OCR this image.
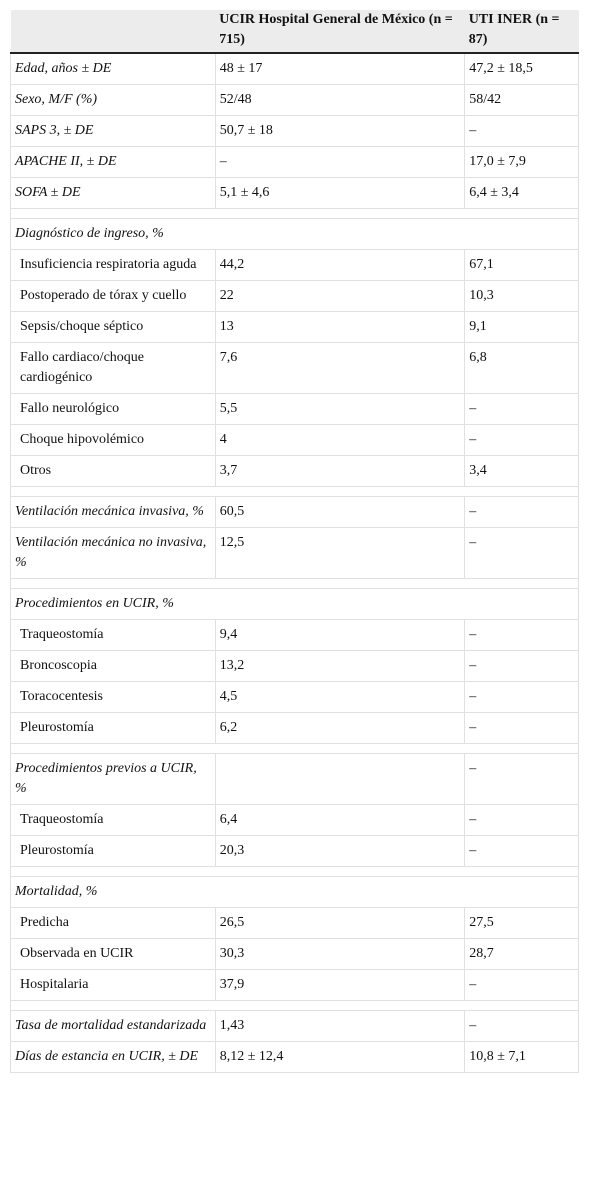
	UCIR Hospital General de México (n = 715)	UTI INER (n = 87)
Edad, años ± DE	48 ± 17	47,2 ± 18,5
Sexo, M/F (%)	52/48	58/42
SAPS 3, ± DE	50,7 ± 18	–
APACHE II, ± DE	–	17,0 ± 7,9
SOFA ± DE	5,1 ± 4,6	6,4 ± 3,4

Diagnóstico de ingreso, %		
Insuficiencia respiratoria aguda	44,2	67,1
Postoperado de tórax y cuello	22	10,3
Sepsis/choque séptico	13	9,1
Fallo cardiaco/choque cardiogénico	7,6	6,8
Fallo neurológico	5,5	–
Choque hipovolémico	4	–
Otros	3,7	3,4

Ventilación mecánica invasiva, %	60,5	–
Ventilación mecánica no invasiva, %	12,5	–

Procedimientos en UCIR, %		
Traqueostomía	9,4	–
Broncoscopia	13,2	–
Toracocentesis	4,5	–
Pleurostomía	6,2	–

Procedimientos previos a UCIR, %		–
Traqueostomía	6,4	–
Pleurostomía	20,3	–

Mortalidad, %		
Predicha	26,5	27,5
Observada en UCIR	30,3	28,7
Hospitalaria	37,9	–

Tasa de mortalidad estandarizada	1,43	–
Días de estancia en UCIR, ± DE	8,12 ± 12,4	10,8 ± 7,1
